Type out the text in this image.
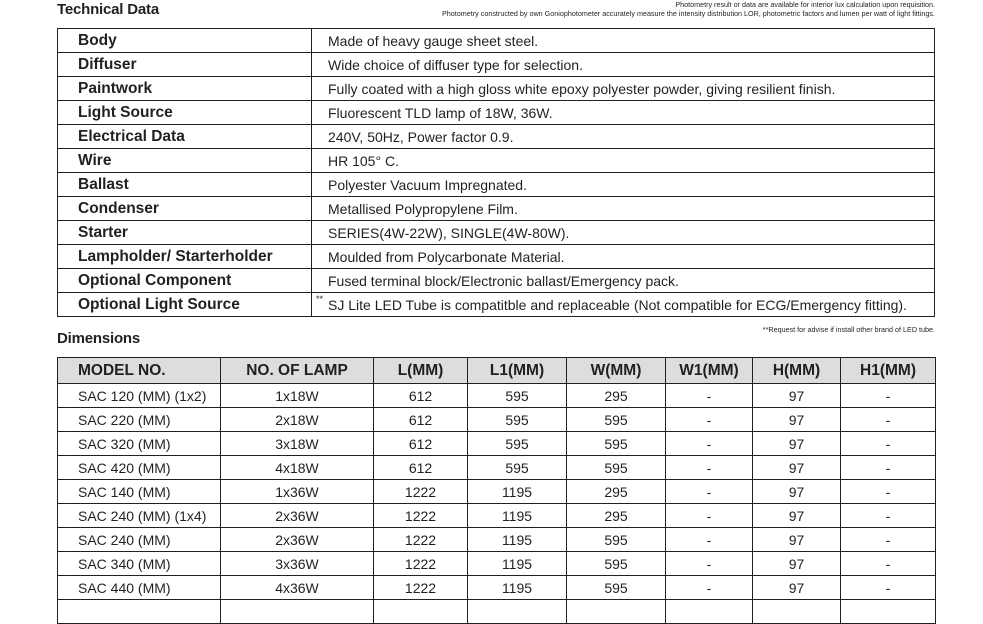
Technical Data	Photometry result or data are available for interior lux calculation upon requisition.
Photometry constructed by own Goniophotometer accurately measure the intensity distribution LOR, photometric factors and lumen per watt of light fittings.
Body	Made of heavy gauge sheet steel.
Diffuser	Wide choice of diffuser type for selection.
Paintwork	Fully coated with a high gloss white epoxy polyester powder, giving resilient finish.
Light Source	Fluorescent TLD lamp of 18W, 36W.
Electrical Data	240V, 50Hz, Power factor 0.9.
Wire	HR 105° C.
Ballast	Polyester Vacuum Impregnated.
Condenser	Metallised Polypropylene Film.
Starter	SERIES(4W-22W), SINGLE(4W-80W).
Lampholder/ Starterholder	Moulded from Polycarbonate Material.
Optional Component	Fused terminal block/Electronic ballast/Emergency pack.
Optional Light Source	** SJ Lite LED Tube is compatitble and replaceable (Not compatible for ECG/Emergency fitting).
Dimensions
**Request for advise if install other brand of LED tube.
MODEL NO.	NO. OF LAMP	L(MM)	L1(MM)	W(MM)	W1(MM)	H(MM)	H1(MM)
SAC 120 (MM) (1x2)	1x18W	612	595	295	-	97	-
SAC 220 (MM)	2x18W	612	595	595	-	97	-
SAC 320 (MM)	3x18W	612	595	595	-	97	-
SAC 420 (MM)	4x18W	612	595	595	-	97	-
SAC 140 (MM)	1x36W	1222	1195	295	-	97	-
SAC 240 (MM) (1x4)	2x36W	1222	1195	295	-	97	-
SAC 240 (MM)	2x36W	1222	1195	595	-	97	-
SAC 340 (MM)	3x36W	1222	1195	595	-	97	-
SAC 440 (MM)	4x36W	1222	1195	595	-	97	-
